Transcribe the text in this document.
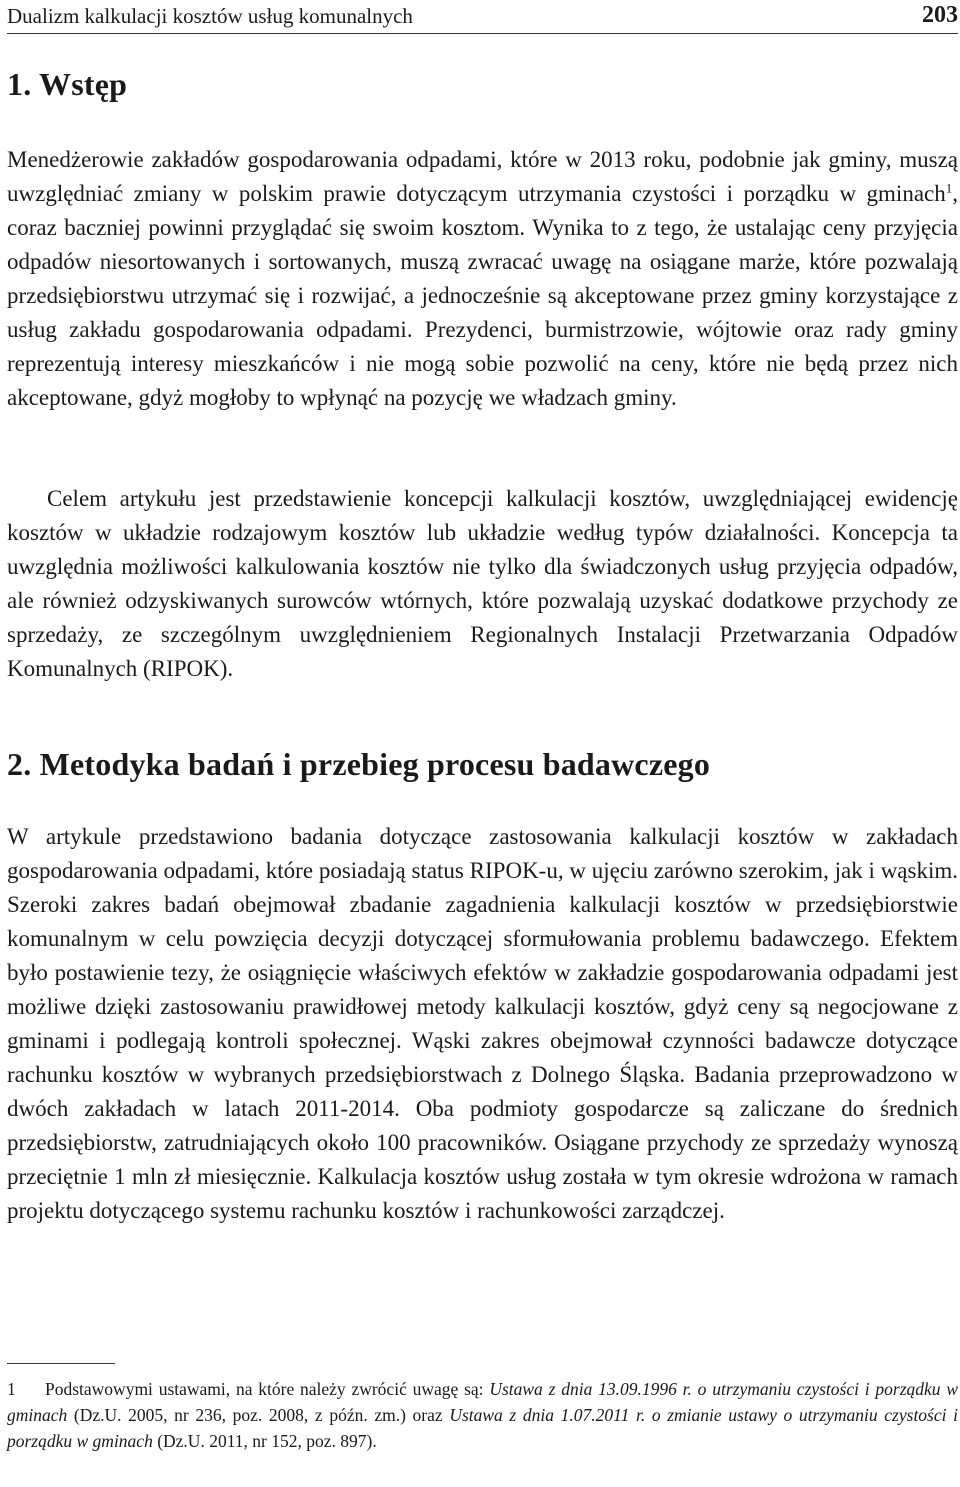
Dualizm kalkulacji kosztów usług komunalnych	203
1. Wstęp

Menedżerowie zakładów gospodarowania odpadami, które w 2013 roku, podobnie jak gminy, muszą uwzględniać zmiany w polskim prawie dotyczącym utrzymania czystości i porządku w gminach$^1$, coraz baczniej powinni przyglądać się swoim kosztom. Wynika to z tego, że ustalając ceny przyjęcia odpadów niesortowanych i sortowanych, muszą zwracać uwagę na osiągane marże, które pozwalają przedsiębiorstwu utrzymać się i rozwijać, a jednocześnie są akceptowane przez gminy korzystające z usług zakładu gospodarowania odpadami. Prezydenci, burmistrzowie, wójtowie oraz rady gminy reprezentują interesy mieszkańców i nie mogą sobie pozwolić na ceny, które nie będą przez nich akceptowane, gdyż mogłoby to wpłynąć na pozycję we władzach gminy.

Celem artykułu jest przedstawienie koncepcji kalkulacji kosztów, uwzględniającej ewidencję kosztów w układzie rodzajowym kosztów lub układzie według typów działalności. Koncepcja ta uwzględnia możliwości kalkulowania kosztów nie tylko dla świadczonych usług przyjęcia odpadów, ale również odzyskiwanych surowców wtórnych, które pozwalają uzyskać dodatkowe przychody ze sprzedaży, ze szczególnym uwzględnieniem Regionalnych Instalacji Przetwarzania Odpadów Komunalnych (RIPOK).

2. Metodyka badań i przebieg procesu badawczego

W artykule przedstawiono badania dotyczące zastosowania kalkulacji kosztów w zakładach gospodarowania odpadami, które posiadają status RIPOK-u, w ujęciu zarówno szerokim, jak i wąskim. Szeroki zakres badań obejmował zbadanie zagadnienia kalkulacji kosztów w przedsiębiorstwie komunalnym w celu powzięcia decyzji dotyczącej sformułowania problemu badawczego. Efektem było postawienie tezy, że osiągnięcie właściwych efektów w zakładzie gospodarowania odpadami jest możliwe dzięki zastosowaniu prawidłowej metody kalkulacji kosztów, gdyż ceny są negocjowane z gminami i podlegają kontroli społecznej. Wąski zakres obejmował czynności badawcze dotyczące rachunku kosztów w wybranych przedsiębiorstwach z Dolnego Śląska. Badania przeprowadzono w dwóch zakładach w latach 2011-2014. Oba podmioty gospodarcze są zaliczane do średnich przedsiębiorstw, zatrudniających około 100 pracowników. Osiągane przychody ze sprzedaży wynoszą przeciętnie 1 mln zł miesięcznie. Kalkulacja kosztów usług została w tym okresie wdrożona w ramach projektu dotyczącego systemu rachunku kosztów i rachunkowości zarządczej.

1 Podstawowymi ustawami, na które należy zwrócić uwagę są: Ustawa z dnia 13.09.1996 r. o utrzymaniu czystości i porządku w gminach (Dz.U. 2005, nr 236, poz. 2008, z późn. zm.) oraz Ustawa z dnia 1.07.2011 r. o zmianie ustawy o utrzymaniu czystości i porządku w gminach (Dz.U. 2011, nr 152, poz. 897).
